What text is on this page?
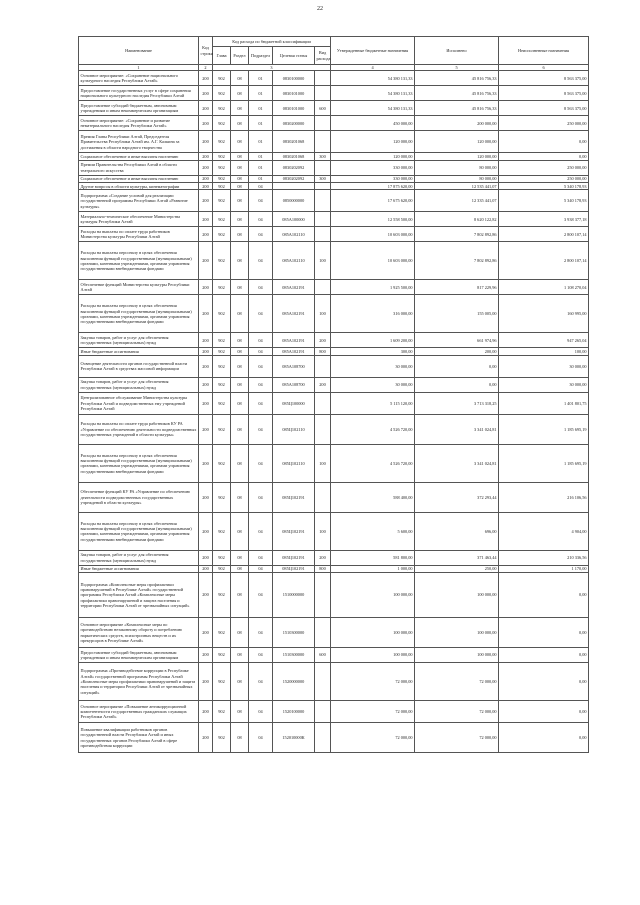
22
Наименование	Код строки	Код расхода по бюджетной классификации					Утвержденные бюджетные назначения	Исполнено	Неисполненные назначения
		Глава	Раздел	Подраздел	Целевая статья	Вид расхода			
1	2	3					4	5	6
Основное мероприятие: «Сохранение национального культурного наследия Республики Алтай»	200	902	08	01	0830100000		54 380 131,33	45 816 756,33	8 563 375,00
Предоставление государственных услуг в сфере сохранения национального культурного наследия Республики Алтай	200	902	08	01	0830101000		54 380 131,33	45 816 756,33	8 563 375,00
Предоставление субсидий бюджетным, автономным учреждениям и иным некоммерческим организациям	200	902	08	01	0830101000	600	54 380 131,33	45 816 756,33	8 563 375,00
Основное мероприятие: «Сохранение и развитие нематериального наследия Республики Алтай»	200	902	08	01	0830200000		450 000,00	200 000,00	250 000,00
Премия Главы Республики Алтай, Председателя Правительства Республики Алтай им. А.Г. Калкина за достижения в области народного творчества	200	902	08	01	0830201068		120 000,00	120 000,00	0,00
Социальное обеспечение и иные выплаты населению	200	902	08	01	0830201068	300	120 000,00	120 000,00	0,00
Премии Правительства Республики Алтай в области театрального искусства	200	902	08	01	0830202092		330 000,00	80 000,00	250 000,00
Социальное обеспечение и иные выплаты населению	200	902	08	01	0830202092	300	330 000,00	80 000,00	250 000,00
Другие вопросы в области культуры, кинематографии	200	902	08	04			17 875 620,00	12 535 441,07	5 340 178,93
Подпрограмма «Создание условий для реализации государственной программы Республики Алтай «Развитие культуры»	200	902	08	04	0850000000		17 675 620,00	12 335 441,07	5 340 178,93
Материально-техническое обеспечение Министерства культуры Республики Алтай	200	902	08	04	085А100000		12 558 500,00	8 620 122,82	3 938 377,18
Расходы на выплаты по оплате труда работников Министерства культуры Республики Алтай	200	902	08	04	085А102110		10 603 000,00	7 802 892,86	2 800 107,14
Расходы на выплаты персоналу в целях обеспечения выполнения функций государственными (муниципальными) органами, казенными учреждениями, органами управления государственными внебюджетными фондами	200	902	08	04	085А102110	100	10 603 000,00	7 802 892,86	2 800 107,14
Обеспечение функций Министерства культуры Республики Алтай	200	902	08	04	085А102191		1 925 500,00	817 229,96	1 108 270,04
Расходы на выплаты персоналу в целях обеспечения выполнения функций государственными (муниципальными) органами, казенными учреждениями, органами управления государственными внебюджетными фондами	200	902	08	04	085А102191	100	316 000,00	155 005,00	160 995,00
Закупка товаров, работ и услуг для обеспечения государственных (муниципальных) нужд	200	902	08	04	085А102191	200	1 609 200,00	661 974,96	947 265,04
Иные бюджетные ассигнования	200	902	08	04	085А102191	800	300,00	200,00	100,00
Освещение деятельности органов государственной власти Республики Алтай в средствах массовой информации	200	902	08	04	085А108700		30 000,00	0,00	30 000,00
Закупка товаров, работ и услуг для обеспечения государственных (муниципальных) нужд	200	902	08	04	085А108700	200	30 000,00	0,00	30 000,00
Централизованное обслуживание Министерства культуры Республики Алтай и подведомственных ему учреждений Республики Алтай	200	902	08	04	085Ц100000		5 115 120,00	3 713 318,25	1 401 801,75
Расходы на выплаты по оплате труда работников КУ РА «Управление по обеспечению деятельности подведомственных государственных учреждений в области культуры»	200	902	08	04	085Ц102110		4 526 720,00	3 341 024,81	1 185 695,19
Расходы на выплаты персоналу в целях обеспечения выполнения функций государственными (муниципальными) органами, казенными учреждениями, органами управления государственными внебюджетными фондами	200	902	08	04	085Ц102110	100	4 526 720,00	3 341 024,81	1 185 695,19
Обеспечение функций КУ РА «Управление по обеспечению деятельности подведомственных государственных учреждений в области культуры»	200	902	08	04	085Ц102191		588 400,00	372 293,44	216 106,56
Расходы на выплаты персоналу в целях обеспечения выполнения функций государственными (муниципальными) органами, казенными учреждениями, органами управления государственными внебюджетными фондами	200	902	08	04	085Ц102191	100	5 600,00	696,00	4 904,00
Закупка товаров, работ и услуг для обеспечения государственных (муниципальных) нужд	200	902	08	04	085Ц102191	200	581 800,00	371 463,44	210 336,56
Иные бюджетные ассигнования	200	902	08	04	085Ц102191	800	1 000,00	250,00	1 170,00
Подпрограмма «Комплексные меры профилактики правонарушений в Республике Алтай» государственной программы Республики Алтай «Комплексные меры профилактики правонарушений и защита населения и территории Республики Алтай от чрезвычайных ситуаций»	200	902	08	04	1510000000		100 000,00	100 000,00	0,00
Основное мероприятие «Комплексные меры по противодействию незаконному обороту и потреблению наркотических средств, психотропных веществ и их прекурсоров в Республике Алтай»	200	902	08	04	1510300000		100 000,00	100 000,00	0,00
Предоставление субсидий бюджетным, автономным учреждениям и иным некоммерческим организациям	200	902	08	04	1510300000	600	100 000,00	100 000,00	0,00
Подпрограмма «Противодействие коррупции в Республике Алтай» государственной программы Республики Алтай «Комплексные меры профилактики правонарушений и защита населения и территории Республики Алтай от чрезвычайных ситуаций»	200	902	08	04	1520000000		72 000,00	72 000,00	0,00
Основное мероприятие «Повышение антикоррупционной компетентности государственных гражданских служащих Республики Алтай»	200	902	08	04	1520100000		72 000,00	72 000,00	0,00
Повышение квалификации работников органов государственной власти Республики Алтай и иных государственных органов Республики Алтай в сфере противодействия коррупции	200	902	08	04	152010000К		72 000,00	72 000,00	0,00
